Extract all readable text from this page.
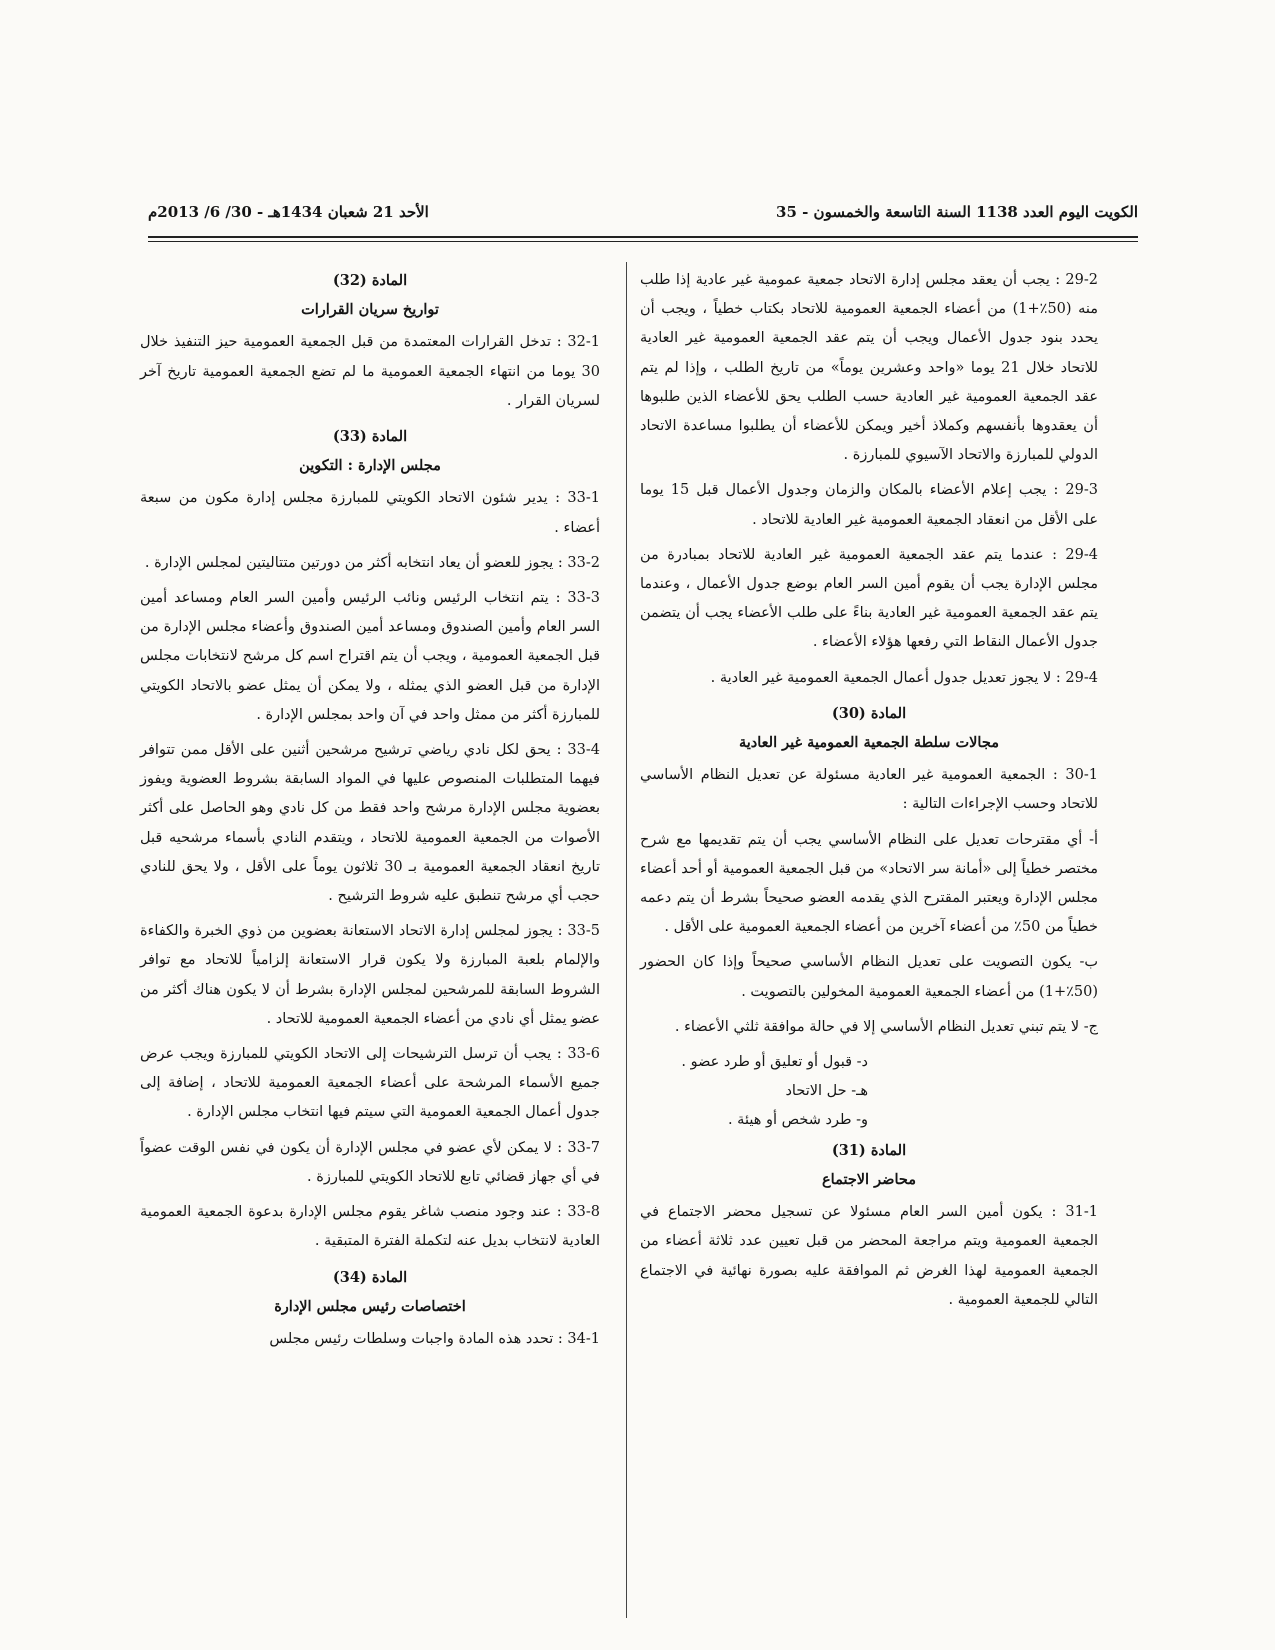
الكويت اليوم العدد 1138 السنة التاسعة والخمسون - 35
الأحد 21 شعبان 1434هـ - 30/ 6/ 2013م

29-2 : يجب أن يعقد مجلس إدارة الاتحاد جمعية عمومية غير عادية إذا طلب منه (50٪+1) من أعضاء الجمعية العمومية للاتحاد بكتاب خطياً ، ويجب أن يحدد بنود جدول الأعمال ويجب أن يتم عقد الجمعية العمومية غير العادية للاتحاد خلال 21 يوما «واحد وعشرين يوماً» من تاريخ الطلب ، وإذا لم يتم عقد الجمعية العمومية غير العادية حسب الطلب يحق للأعضاء الذين طلبوها أن يعقدوها بأنفسهم وكملاذ أخير ويمكن للأعضاء أن يطلبوا مساعدة الاتحاد الدولي للمبارزة والاتحاد الآسيوي للمبارزة .

29-3 : يجب إعلام الأعضاء بالمكان والزمان وجدول الأعمال قبل 15 يوما على الأقل من انعقاد الجمعية العمومية غير العادية للاتحاد .

29-4 : عندما يتم عقد الجمعية العمومية غير العادية للاتحاد بمبادرة من مجلس الإدارة يجب أن يقوم أمين السر العام بوضع جدول الأعمال ، وعندما يتم عقد الجمعية العمومية غير العادية بناءً على طلب الأعضاء يجب أن يتضمن جدول الأعمال النقاط التي رفعها هؤلاء الأعضاء .

29-4 : لا يجوز تعديل جدول أعمال الجمعية العمومية غير العادية .

المادة (30)

مجالات سلطة الجمعية العمومية غير العادية

30-1 : الجمعية العمومية غير العادية مسئولة عن تعديل النظام الأساسي للاتحاد وحسب الإجراءات التالية :

أ- أي مقترحات تعديل على النظام الأساسي يجب أن يتم تقديمها مع شرح مختصر خطياً إلى «أمانة سر الاتحاد» من قبل الجمعية العمومية أو أحد أعضاء مجلس الإدارة ويعتبر المقترح الذي يقدمه العضو صحيحاً بشرط أن يتم دعمه خطياً من 50٪ من أعضاء آخرين من أعضاء الجمعية العمومية على الأقل .

ب- يكون التصويت على تعديل النظام الأساسي صحيحاً وإذا كان الحضور (50٪+1) من أعضاء الجمعية العمومية المخولين بالتصويت .

ج- لا يتم تبني تعديل النظام الأساسي إلا في حالة موافقة ثلثي الأعضاء .

د- قبول أو تعليق أو طرد عضو .

هـ- حل الاتحاد

و- طرد شخص أو هيئة .

المادة (31)

محاضر الاجتماع

31-1 : يكون أمين السر العام مسئولا عن تسجيل محضر الاجتماع في الجمعية العمومية ويتم مراجعة المحضر من قبل تعيين عدد ثلاثة أعضاء من الجمعية العمومية لهذا الغرض ثم الموافقة عليه بصورة نهائية في الاجتماع التالي للجمعية العمومية .

المادة (32)

تواريخ سريان القرارات

32-1 : تدخل القرارات المعتمدة من قبل الجمعية العمومية حيز التنفيذ خلال 30 يوما من انتهاء الجمعية العمومية ما لم تضع الجمعية العمومية تاريخ آخر لسريان القرار .

المادة (33)

مجلس الإدارة : التكوين

33-1 : يدير شئون الاتحاد الكويتي للمبارزة مجلس إدارة مكون من سبعة أعضاء .

33-2 : يجوز للعضو أن يعاد انتخابه أكثر من دورتين متتاليتين لمجلس الإدارة .

33-3 : يتم انتخاب الرئيس ونائب الرئيس وأمين السر العام ومساعد أمين السر العام وأمين الصندوق ومساعد أمين الصندوق وأعضاء مجلس الإدارة من قبل الجمعية العمومية ، ويجب أن يتم اقتراح اسم كل مرشح لانتخابات مجلس الإدارة من قبل العضو الذي يمثله ، ولا يمكن أن يمثل عضو بالاتحاد الكويتي للمبارزة أكثر من ممثل واحد في آن واحد بمجلس الإدارة .

33-4 : يحق لكل نادي رياضي ترشيح مرشحين أثنين على الأقل ممن تتوافر فيهما المتطلبات المنصوص عليها في المواد السابقة بشروط العضوية ويفوز بعضوية مجلس الإدارة مرشح واحد فقط من كل نادي وهو الحاصل على أكثر الأصوات من الجمعية العمومية للاتحاد ، ويتقدم النادي بأسماء مرشحيه قبل تاريخ انعقاد الجمعية العمومية بـ 30 ثلاثون يوماً على الأقل ، ولا يحق للنادي حجب أي مرشح تنطبق عليه شروط الترشيح .

33-5 : يجوز لمجلس إدارة الاتحاد الاستعانة بعضوين من ذوي الخبرة والكفاءة والإلمام بلعبة المبارزة ولا يكون قرار الاستعانة إلزامياً للاتحاد مع توافر الشروط السابقة للمرشحين لمجلس الإدارة بشرط أن لا يكون هناك أكثر من عضو يمثل أي نادي من أعضاء الجمعية العمومية للاتحاد .

33-6 : يجب أن ترسل الترشيحات إلى الاتحاد الكويتي للمبارزة ويجب عرض جميع الأسماء المرشحة على أعضاء الجمعية العمومية للاتحاد ، إضافة إلى جدول أعمال الجمعية العمومية التي سيتم فيها انتخاب مجلس الإدارة .

33-7 : لا يمكن لأي عضو في مجلس الإدارة أن يكون في نفس الوقت عضواً في أي جهاز قضائي تابع للاتحاد الكويتي للمبارزة .

33-8 : عند وجود منصب شاغر يقوم مجلس الإدارة بدعوة الجمعية العمومية العادية لانتخاب بديل عنه لتكملة الفترة المتبقية .

المادة (34)

اختصاصات رئيس مجلس الإدارة

34-1 : تحدد هذه المادة واجبات وسلطات رئيس مجلس
